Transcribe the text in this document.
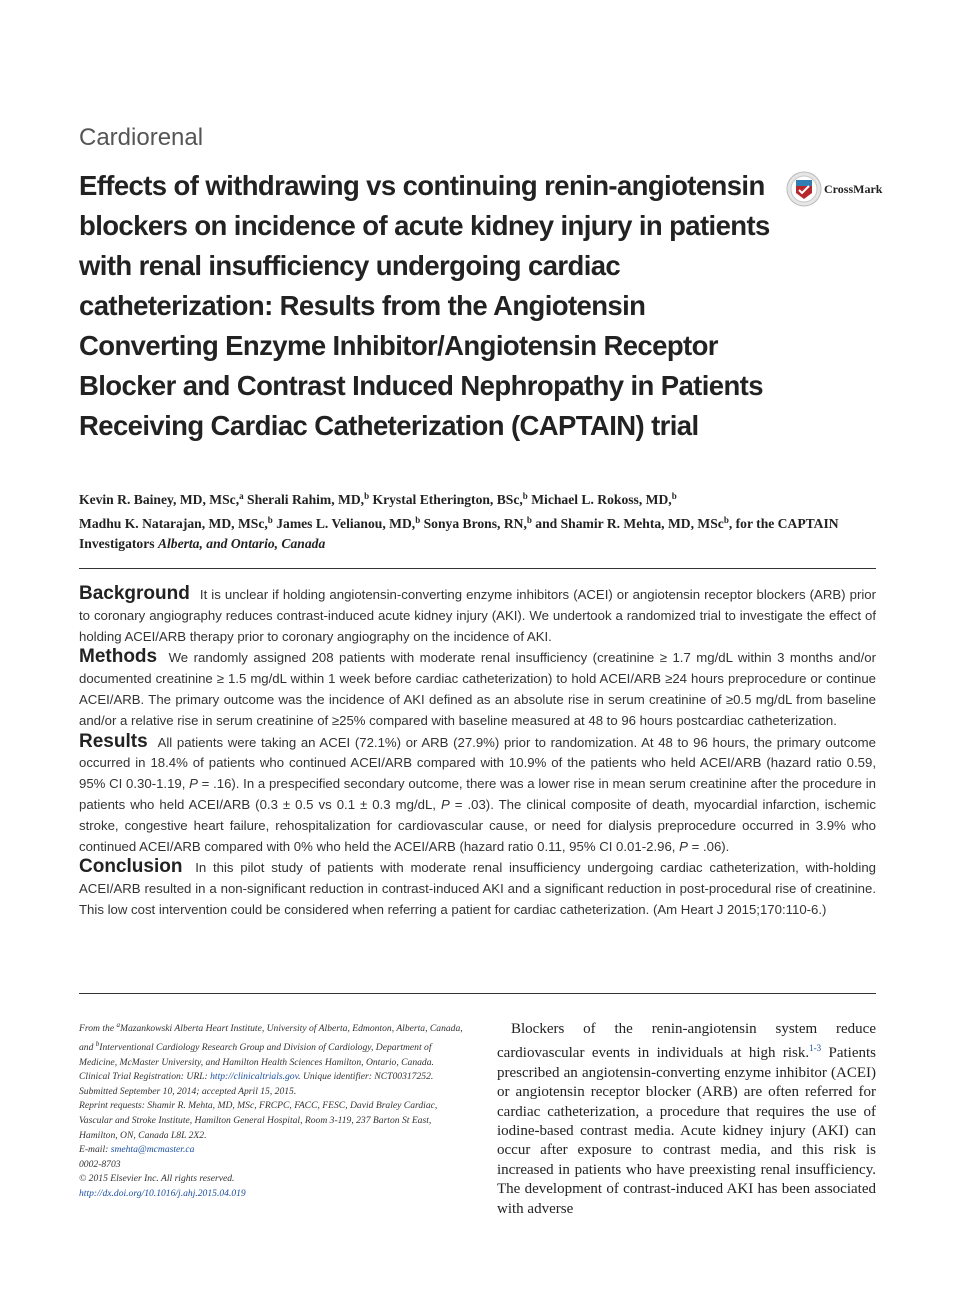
Cardiorenal
Effects of withdrawing vs continuing renin-angiotensin blockers on incidence of acute kidney injury in patients with renal insufficiency undergoing cardiac catheterization: Results from the Angiotensin Converting Enzyme Inhibitor/Angiotensin Receptor Blocker and Contrast Induced Nephropathy in Patients Receiving Cardiac Catheterization (CAPTAIN) trial
CrossMark
Kevin R. Bainey, MD, MSc,$^a$ Sherali Rahim, MD,$^b$ Krystal Etherington, BSc,$^b$ Michael L. Rokoss, MD,$^b$
Madhu K. Natarajan, MD, MSc,$^b$ James L. Velianou, MD,$^b$ Sonya Brons, RN,$^b$ and Shamir R. Mehta, MD, MSc$^b$, for the CAPTAIN Investigators Alberta, and Ontario, Canada

Background It is unclear if holding angiotensin-converting enzyme inhibitors (ACEI) or angiotensin receptor blockers (ARB) prior to coronary angiography reduces contrast-induced acute kidney injury (AKI). We undertook a randomized trial to investigate the effect of holding ACEI/ARB therapy prior to coronary angiography on the incidence of AKI.

Methods We randomly assigned 208 patients with moderate renal insufficiency (creatinine ≥ 1.7 mg/dL within 3 months and/or documented creatinine ≥ 1.5 mg/dL within 1 week before cardiac catheterization) to hold ACEI/ARB ≥24 hours preprocedure or continue ACEI/ARB. The primary outcome was the incidence of AKI defined as an absolute rise in serum creatinine of ≥0.5 mg/dL from baseline and/or a relative rise in serum creatinine of ≥25% compared with baseline measured at 48 to 96 hours postcardiac catheterization.

Results All patients were taking an ACEI (72.1%) or ARB (27.9%) prior to randomization. At 48 to 96 hours, the primary outcome occurred in 18.4% of patients who continued ACEI/ARB compared with 10.9% of the patients who held ACEI/ARB (hazard ratio 0.59, 95% CI 0.30-1.19, P = .16). In a prespecified secondary outcome, there was a lower rise in mean serum creatinine after the procedure in patients who held ACEI/ARB (0.3 ± 0.5 vs 0.1 ± 0.3 mg/dL, P = .03). The clinical composite of death, myocardial infarction, ischemic stroke, congestive heart failure, rehospitalization for cardiovascular cause, or need for dialysis preprocedure occurred in 3.9% who continued ACEI/ARB compared with 0% who held the ACEI/ARB (hazard ratio 0.11, 95% CI 0.01-2.96, P = .06).

Conclusion In this pilot study of patients with moderate renal insufficiency undergoing cardiac catheterization, with-holding ACEI/ARB resulted in a non-significant reduction in contrast-induced AKI and a significant reduction in post-procedural rise of creatinine. This low cost intervention could be considered when referring a patient for cardiac catheterization. (Am Heart J 2015;170:110-6.)

From the $^a$Mazankowski Alberta Heart Institute, University of Alberta, Edmonton, Alberta, Canada, and $^b$Interventional Cardiology Research Group and Division of Cardiology, Department of Medicine, McMaster University, and Hamilton Health Sciences Hamilton, Ontario, Canada.
Clinical Trial Registration: URL: http://clinicaltrials.gov. Unique identifier: NCT00317252.
Submitted September 10, 2014; accepted April 15, 2015.
Reprint requests: Shamir R. Mehta, MD, MSc, FRCPC, FACC, FESC, David Braley Cardiac, Vascular and Stroke Institute, Hamilton General Hospital, Room 3-119, 237 Barton St East, Hamilton, ON, Canada L8L 2X2.
E-mail: smehta@mcmaster.ca
0002-8703
© 2015 Elsevier Inc. All rights reserved.
http://dx.doi.org/10.1016/j.ahj.2015.04.019

Blockers of the renin-angiotensin system reduce cardiovascular events in individuals at high risk.$^{1-3}$ Patients prescribed an angiotensin-converting enzyme inhibitor (ACEI) or angiotensin receptor blocker (ARB) are often referred for cardiac catheterization, a procedure that requires the use of iodine-based contrast media. Acute kidney injury (AKI) can occur after exposure to contrast media, and this risk is increased in patients who have preexisting renal insufficiency. The development of contrast-induced AKI has been associated with adverse
